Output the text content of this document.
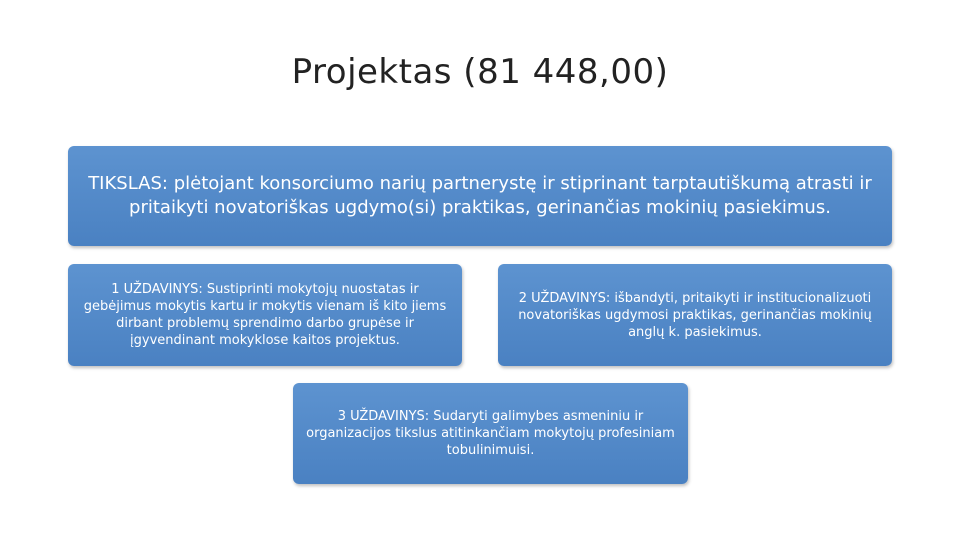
Projektas (81 448,00)
TIKSLAS: plėtojant konsorciumo narių partnerystę ir stiprinant tarptautiškumą atrasti ir pritaikyti novatoriškas ugdymo(si) praktikas, gerinančias mokinių pasiekimus.
1 UŽDAVINYS: Sustiprinti mokytojų nuostatas ir gebėjimus mokytis kartu ir mokytis vienam iš kito jiems dirbant problemų sprendimo darbo grupėse ir įgyvendinant mokyklose kaitos projektus.
2 UŽDAVINYS: išbandyti, pritaikyti ir institucionalizuoti novatoriškas ugdymosi praktikas, gerinančias mokinių anglų k. pasiekimus.
3 UŽDAVINYS: Sudaryti galimybes asmeniniu ir organizacijos tikslus atitinkančiam mokytojų profesiniam tobulinimuisi.
